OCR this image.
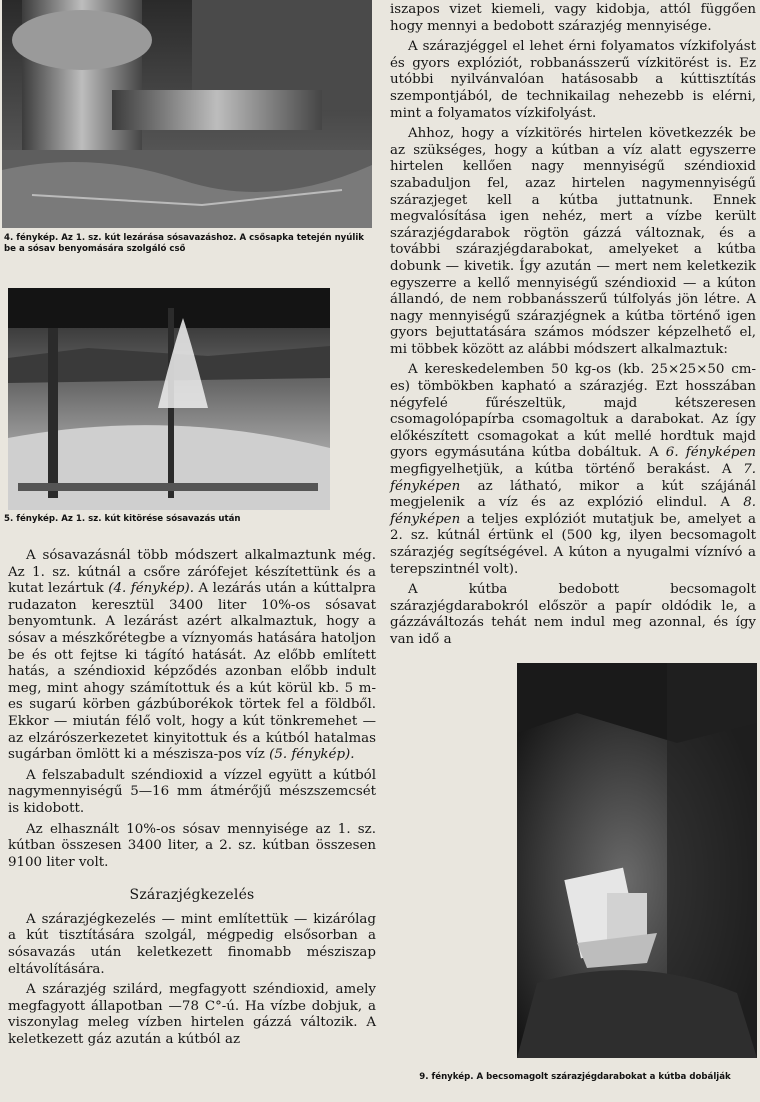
4. fénykép. Az 1. sz. kút lezárása sósavazáshoz. A csősapka tetején nyúlik be a sósav benyomására szolgáló cső
5. fénykép. Az 1. sz. kút kitörése sósavazás után
9. fénykép. A becsomagolt szárazjégdarabokat a kútba dobálják

iszapos vizet kiemeli, vagy kidobja, attól függően hogy mennyi a bedobott szárazjég mennyisége.

A szárazjéggel el lehet érni folyamatos vízkifolyást és gyors explóziót, robbanásszerű vízkitörést is. Ez utóbbi nyilvánvalóan hatásosabb a kúttisztítás szempontjából, de technikailag nehezebb is elérni, mint a folyamatos vízkifolyást.

Ahhoz, hogy a vízkitörés hirtelen következzék be az szükséges, hogy a kútban a víz alatt egyszerre hirtelen kellően nagy mennyiségű széndioxid szabaduljon fel, azaz hirtelen nagymennyiségű szárazjeget kell a kútba juttatnunk. Ennek megvalósítása igen nehéz, mert a vízbe került szárazjégdarabok rögtön gázzá változnak, és a további szárazjégdarabokat, amelyeket a kútba dobunk — kivetik. Így azután — mert nem keletkezik egyszerre a kellő mennyiségű széndioxid — a kúton állandó, de nem robbanásszerű túlfolyás jön létre. A nagy mennyiségű szárazjégnek a kútba történő igen gyors bejuttatására számos módszer képzelhető el, mi többek között az alábbi módszert alkalmaztuk:

A kereskedelemben 50 kg-os (kb. 25×25×50 cm-es) tömbökben kapható a szárazjég. Ezt hosszában négyfelé fűrészeltük, majd kétszeresen csomagolópapírba csomagoltuk a darabokat. Az így előkészített csomagokat a kút mellé hordtuk majd gyors egymásutána kútba dobáltuk. A 6. fényképen megfigyelhetjük, a kútba történő berakást. A 7. fényképen az látható, mikor a kút szájánál megjelenik a víz és az explózió elindul. A 8. fényképen a teljes explóziót mutatjuk be, amelyet a 2. sz. kútnál értünk el (500 kg, ilyen becsomagolt szárazjég segítségével. A kúton a nyugalmi víznívó a terepszintnél volt).

A kútba bedobott becsomagolt szárazjégdarabokról először a papír oldódik le, a gázzáváltozás tehát nem indul meg azonnal, és így van idő a

A sósavazásnál több módszert alkalmaztunk még. Az 1. sz. kútnál a csőre zárófejet készítettünk és a kutat lezártuk (4. fénykép). A lezárás után a kúttalpra rudazaton keresztül 3400 liter 10%-os sósavat benyomtunk. A lezárást azért alkalmaztuk, hogy a sósav a mészkőrétegbe a víznyomás hatására hatoljon be és ott fejtse ki tágító hatását. Az előbb említett hatás, a széndioxid képződés azonban előbb indult meg, mint ahogy számítottuk és a kút körül kb. 5 m-es sugarú körben gázbúborékok törtek fel a földből. Ekkor — miután félő volt, hogy a kút tönkremehet — az elzárószerkezetet kinyitottuk és a kútból hatalmas sugárban ömlött ki a mészisza-pos víz (5. fénykép).

A felszabadult széndioxid a vízzel együtt a kútból nagymennyiségű 5—16 mm átmérőjű mészszemcsét is kidobott.

Az elhasznált 10%-os sósav mennyisége az 1. sz. kútban összesen 3400 liter, a 2. sz. kútban összesen 9100 liter volt.

Szárazjégkezelés

A szárazjégkezelés — mint említettük — kizárólag a kút tisztítására szolgál, mégpedig elsősorban a sósavazás után keletkezett finomabb mésziszap eltávolítására.

A szárazjég szilárd, megfagyott széndioxid, amely megfagyott állapotban —78 C°-ú. Ha vízbe dobjuk, a viszonylag meleg vízben hirtelen gázzá változik. A keletkezett gáz azután a kútból az
